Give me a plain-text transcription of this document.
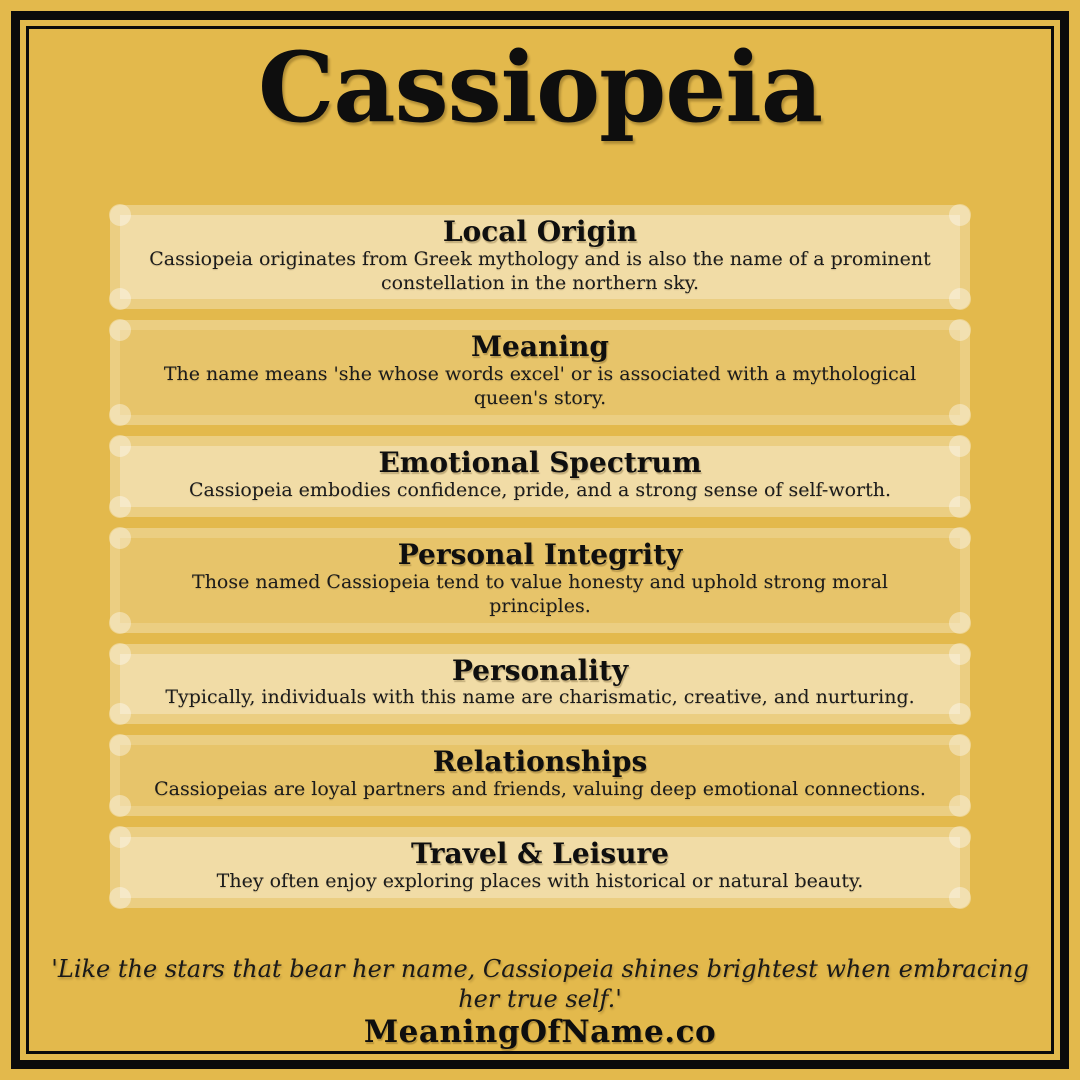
Cassiopeia
Local Origin

Cassiopeia originates from Greek mythology and is also the name of a prominent constellation in the northern sky.

Meaning

The name means 'she whose words excel' or is associated with a mythological queen's story.

Emotional Spectrum

Cassiopeia embodies confidence, pride, and a strong sense of self-worth.

Personal Integrity

Those named Cassiopeia tend to value honesty and uphold strong moral principles.

Personality

Typically, individuals with this name are charismatic, creative, and nurturing.

Relationships

Cassiopeias are loyal partners and friends, valuing deep emotional connections.

Travel & Leisure

They often enjoy exploring places with historical or natural beauty.

'Like the stars that bear her name, Cassiopeia shines brightest when embracing her true self.'

MeaningOfName.co
